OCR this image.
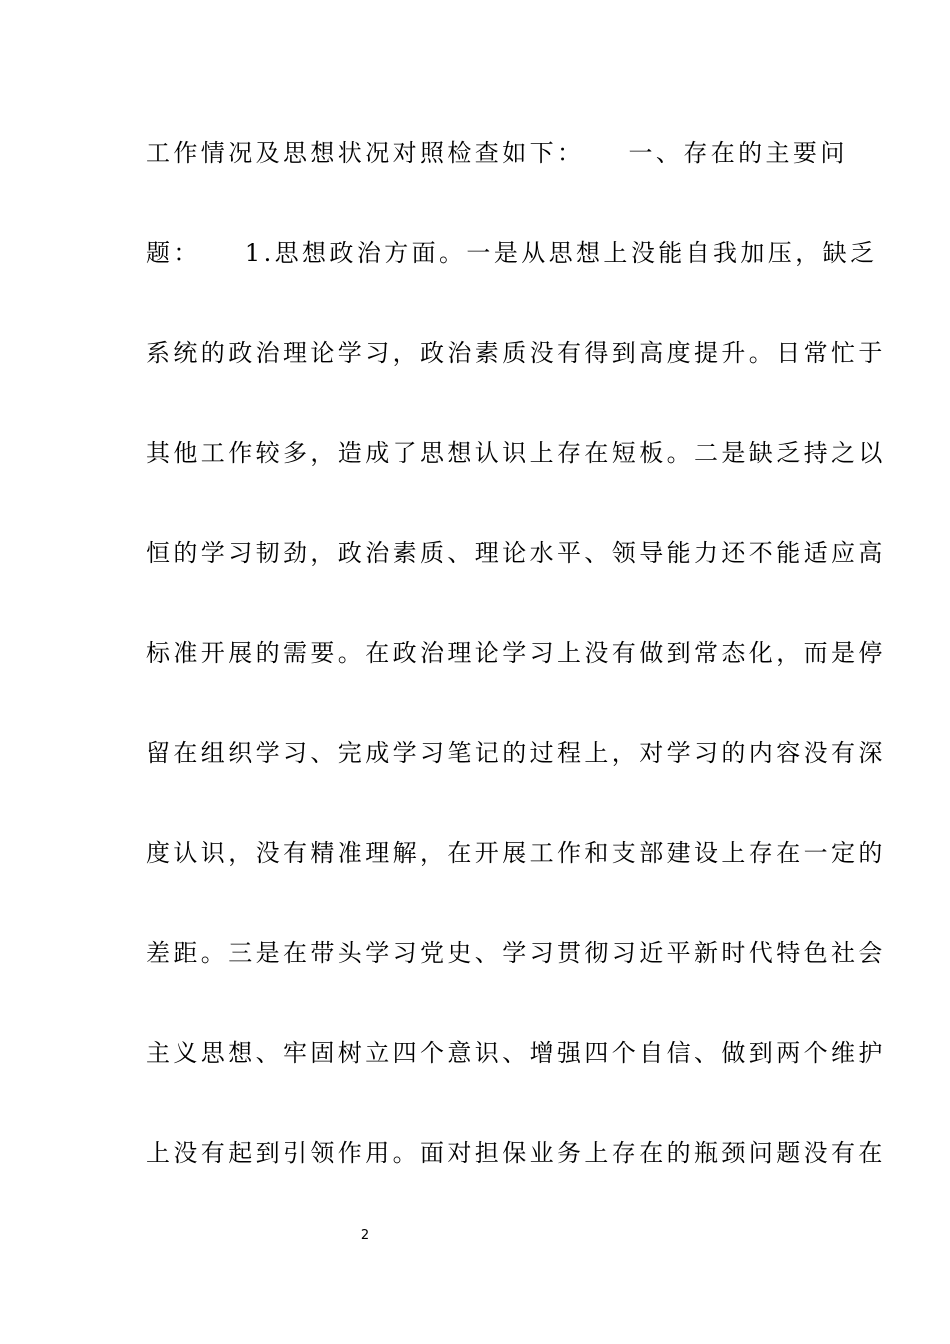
工作情况及思想状况对照检查如下：    一、存在的主要问
题：    1.思想政治方面。一是从思想上没能自我加压，缺乏
系统的政治理论学习，政治素质没有得到高度提升。日常忙于
其他工作较多，造成了思想认识上存在短板。二是缺乏持之以
恒的学习韧劲，政治素质、理论水平、领导能力还不能适应高
标准开展的需要。在政治理论学习上没有做到常态化，而是停
留在组织学习、完成学习笔记的过程上，对学习的内容没有深
度认识，没有精准理解，在开展工作和支部建设上存在一定的
差距。三是在带头学习党史、学习贯彻习近平新时代特色社会
主义思想、牢固树立四个意识、增强四个自信、做到两个维护
上没有起到引领作用。面对担保业务上存在的瓶颈问题没有在
2
